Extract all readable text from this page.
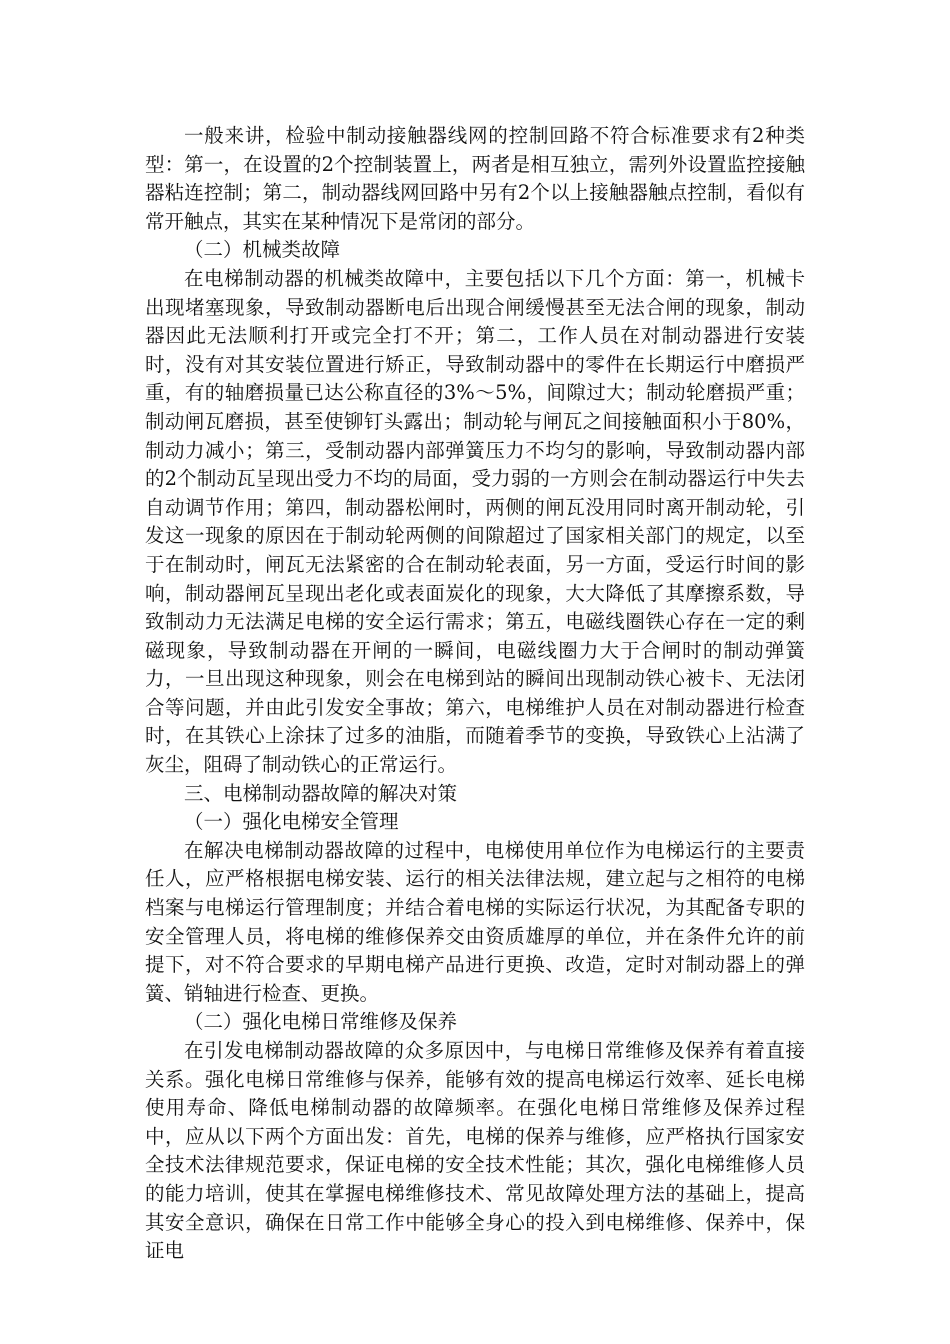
一般来讲，检验中制动接触器线网的控制回路不符合标准要求有2种类型：第一，在设置的2个控制装置上，两者是相互独立，需列外设置监控接触器粘连控制；第二，制动器线网回路中另有2个以上接触器触点控制，看似有常开触点，其实在某种情况下是常闭的部分。

（二）机械类故障

在电梯制动器的机械类故障中，主要包括以下几个方面：第一，机械卡出现堵塞现象，导致制动器断电后出现合闸缓慢甚至无法合闸的现象，制动器因此无法顺利打开或完全打不开；第二，工作人员在对制动器进行安装时，没有对其安装位置进行矫正，导致制动器中的零件在长期运行中磨损严重，有的轴磨损量已达公称直径的3%～5%，间隙过大；制动轮磨损严重；制动闸瓦磨损，甚至使铆钉头露出；制动轮与闸瓦之间接触面积小于80%，制动力减小；第三，受制动器内部弹簧压力不均匀的影响，导致制动器内部的2个制动瓦呈现出受力不均的局面，受力弱的一方则会在制动器运行中失去自动调节作用；第四，制动器松闸时，两侧的闸瓦没用同时离开制动轮，引发这一现象的原因在于制动轮两侧的间隙超过了国家相关部门的规定，以至于在制动时，闸瓦无法紧密的合在制动轮表面，另一方面，受运行时间的影响，制动器闸瓦呈现出老化或表面炭化的现象，大大降低了其摩擦系数，导致制动力无法满足电梯的安全运行需求；第五，电磁线圈铁心存在一定的剩磁现象，导致制动器在开闸的一瞬间，电磁线圈力大于合闸时的制动弹簧力，一旦出现这种现象，则会在电梯到站的瞬间出现制动铁心被卡、无法闭合等问题，并由此引发安全事故；第六，电梯维护人员在对制动器进行检查时，在其铁心上涂抹了过多的油脂，而随着季节的变换，导致铁心上沾满了灰尘，阻碍了制动铁心的正常运行。

三、电梯制动器故障的解决对策

（一）强化电梯安全管理

在解决电梯制动器故障的过程中，电梯使用单位作为电梯运行的主要责任人，应严格根据电梯安装、运行的相关法律法规，建立起与之相符的电梯档案与电梯运行管理制度；并结合着电梯的实际运行状况，为其配备专职的安全管理人员，将电梯的维修保养交由资质雄厚的单位，并在条件允许的前提下，对不符合要求的早期电梯产品进行更换、改造，定时对制动器上的弹簧、销轴进行检查、更换。

（二）强化电梯日常维修及保养

在引发电梯制动器故障的众多原因中，与电梯日常维修及保养有着直接关系。强化电梯日常维修与保养，能够有效的提高电梯运行效率、延长电梯使用寿命、降低电梯制动器的故障频率。在强化电梯日常维修及保养过程中，应从以下两个方面出发：首先，电梯的保养与维修，应严格执行国家安全技术法律规范要求，保证电梯的安全技术性能；其次，强化电梯维修人员的能力培训，使其在掌握电梯维修技术、常见故障处理方法的基础上，提高其安全意识，确保在日常工作中能够全身心的投入到电梯维修、保养中，保证电
